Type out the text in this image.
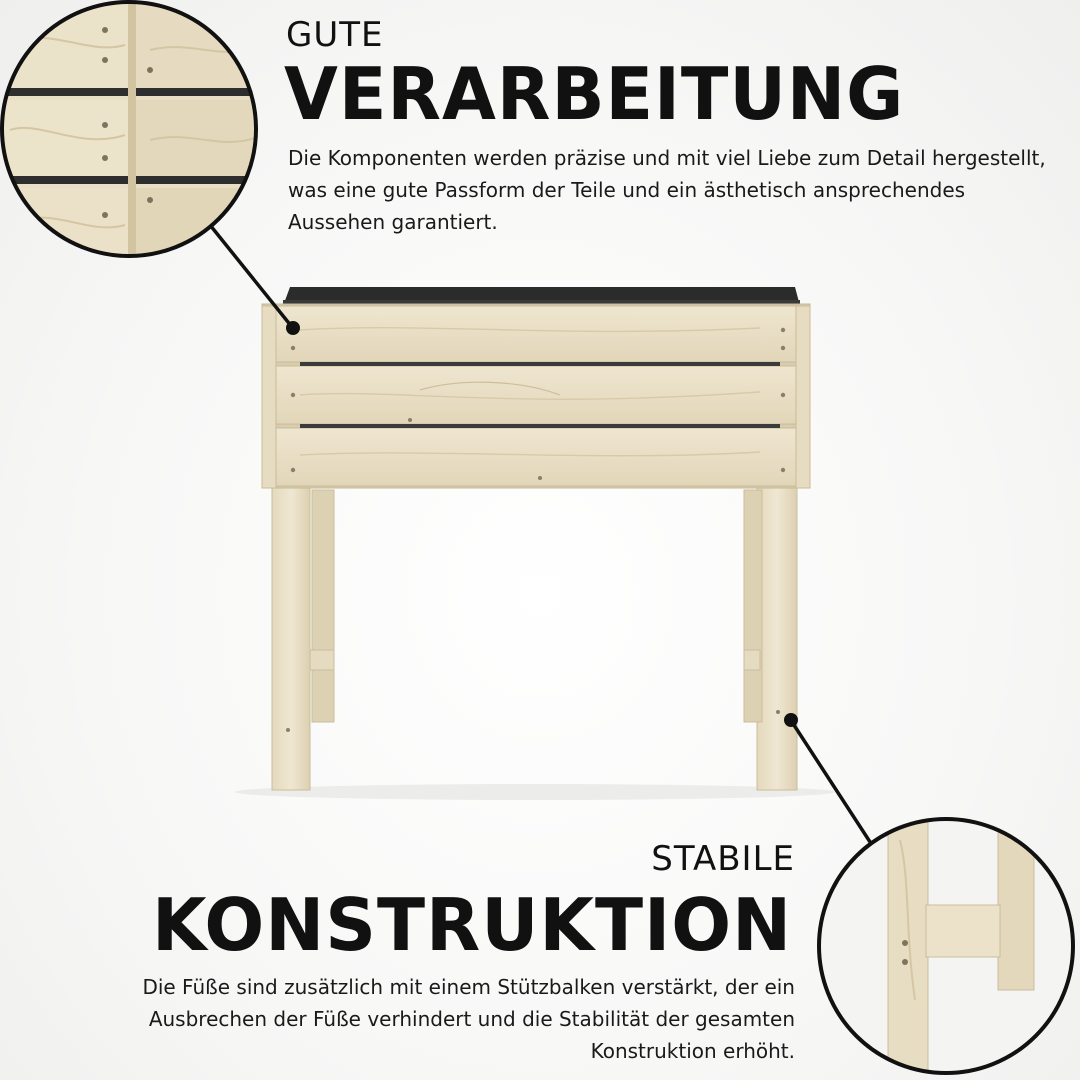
GUTE
VERARBEITUNG

Die Komponenten werden präzise und mit viel Liebe zum Detail hergestellt, was eine gute Passform der Teile und ein ästhetisch ansprechendes Aussehen garantiert.

STABILE
KONSTRUKTION

Die Füße sind zusätzlich mit einem Stützbalken verstärkt, der ein Ausbrechen der Füße verhindert und die Stabilität der gesamten Konstruktion erhöht.
